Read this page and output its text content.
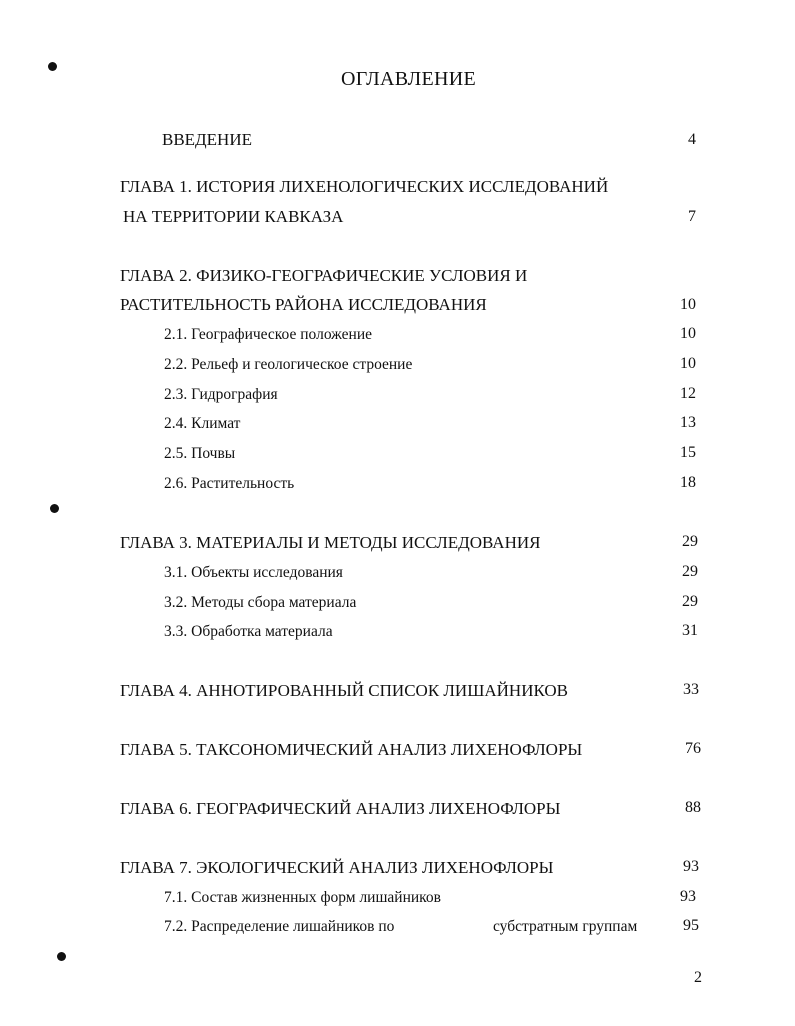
ОГЛАВЛЕНИЕ
ВВЕДЕНИЕ	4
ГЛАВА 1. ИСТОРИЯ ЛИХЕНОЛОГИЧЕСКИХ ИССЛЕДОВАНИЙ
НА ТЕРРИТОРИИ КАВКАЗА	7
ГЛАВА 2. ФИЗИКО-ГЕОГРАФИЧЕСКИЕ УСЛОВИЯ И
РАСТИТЕЛЬНОСТЬ РАЙОНА ИССЛЕДОВАНИЯ	10
2.1. Географическое положение	10
2.2. Рельеф и геологическое строение	10
2.3. Гидрография	12
2.4. Климат	13
2.5. Почвы	15
2.6. Растительность	18
ГЛАВА 3. МАТЕРИАЛЫ И МЕТОДЫ ИССЛЕДОВАНИЯ	29
3.1. Объекты исследования	29
3.2. Методы сбора материала	29
3.3. Обработка материала	31
ГЛАВА 4. АННОТИРОВАННЫЙ СПИСОК ЛИШАЙНИКОВ	33
ГЛАВА 5. ТАКСОНОМИЧЕСКИЙ АНАЛИЗ ЛИХЕНОФЛОРЫ	76
ГЛАВА 6. ГЕОГРАФИЧЕСКИЙ АНАЛИЗ ЛИХЕНОФЛОРЫ	88
ГЛАВА 7. ЭКОЛОГИЧЕСКИЙ АНАЛИЗ ЛИХЕНОФЛОРЫ	93
7.1. Состав жизненных форм лишайников	93
7.2. Распределение лишайников по	субстратным группам	95
2
